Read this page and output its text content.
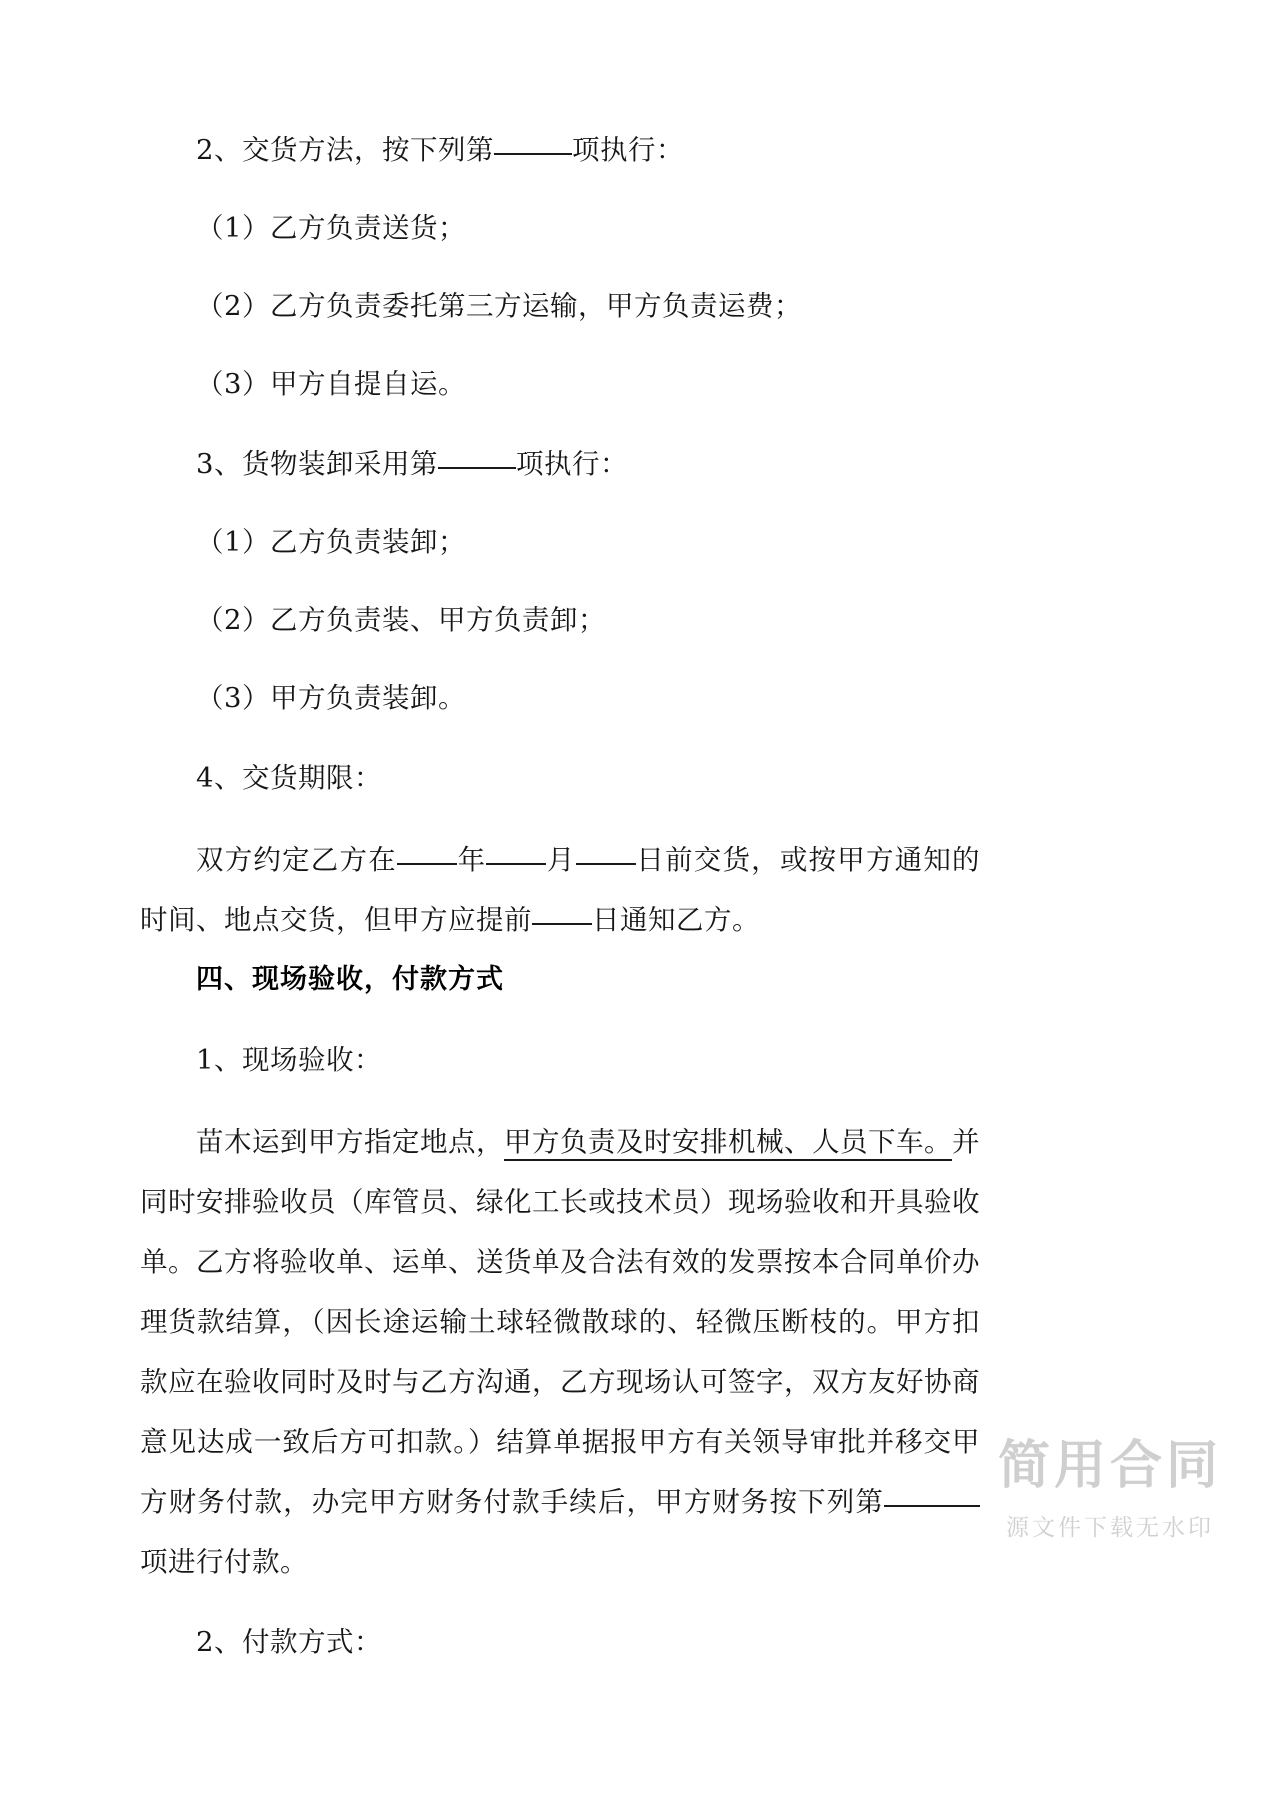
2、交货方法，按下列第	项执行：
（1）乙方负责送货；
（2）乙方负责委托第三方运输，甲方负责运费；
（3）甲方自提自运。
3、货物装卸采用第	项执行：
（1）乙方负责装卸；
（2）乙方负责装、甲方负责卸；
（3）甲方负责装卸。
4、交货期限：
双方约定乙方在 年 月 日前交货，或按甲方通知的时间、地点交货，但甲方应提前 日通知乙方。
四、现场验收，付款方式
1、现场验收：
苗木运到甲方指定地点，甲方负责及时安排机械、人员下车。并同时安排验收员（库管员、绿化工长或技术员）现场验收和开具验收单。乙方将验收单、运单、送货单及合法有效的发票按本合同单价办理货款结算，（因长途运输土球轻微散球的、轻微压断枝的。甲方扣款应在验收同时及时与乙方沟通，乙方现场认可签字，双方友好协商意见达成一致后方可扣款。）结算单据报甲方有关领导审批并移交甲方财务付款，办完甲方财务付款手续后，甲方财务按下列第项进行付款。
2、付款方式：
简用合同
源文件下载无水印
